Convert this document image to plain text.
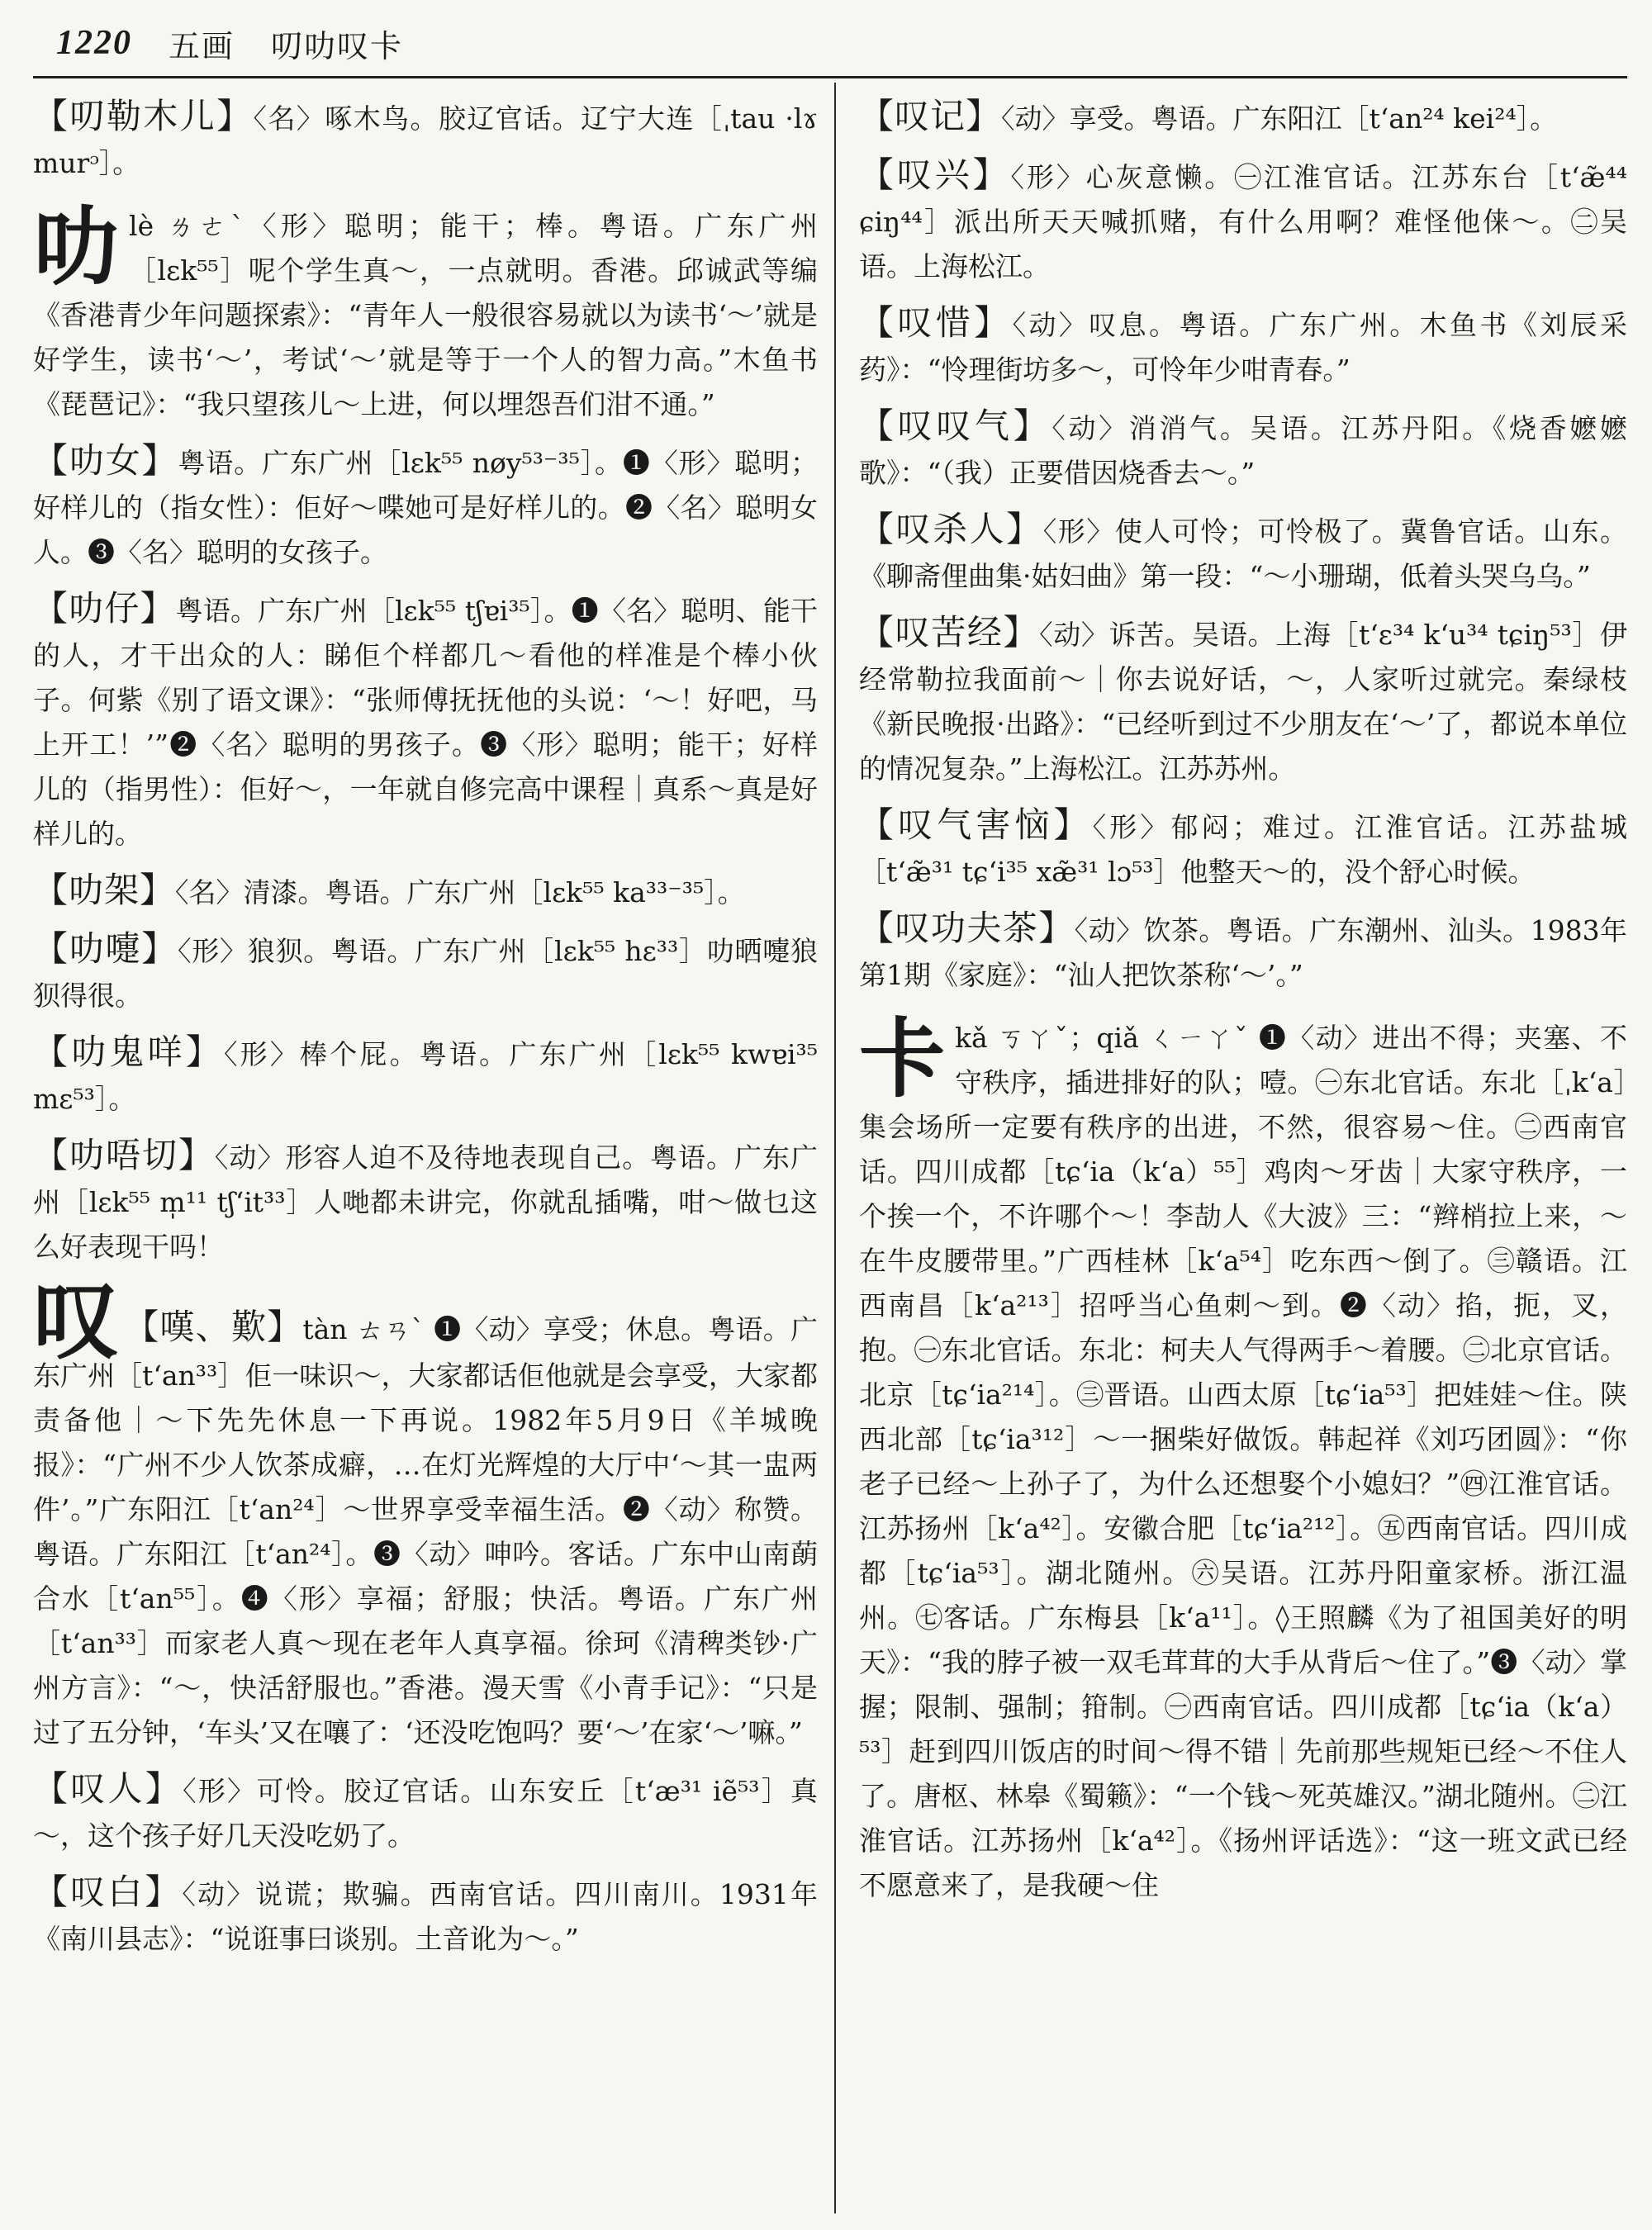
1220 五画 叨叻叹卡
【叨勒木儿】〈名〉啄木鸟。胶辽官话。辽宁大连［ˌtau ·lɤ murᵓ］。
叻lè ㄌㄜˋ〈形〉聪明；能干；棒。粤语。广东广州［lɛk⁵⁵］呢个学生真～，一点就明。香港。邱诚武等编《香港青少年问题探索》：“青年人一般很容易就以为读书‘～’就是好学生，读书‘～’，考试‘～’就是等于一个人的智力高。”木鱼书《琵琶记》：“我只望孩儿～上进，何以埋怨吾们泔不通。”
【叻女】粤语。广东广州［lɛk⁵⁵ nøy⁵³⁻³⁵］。❶〈形〉聪明；好样儿的（指女性）：佢好～喋她可是好样儿的。❷〈名〉聪明女人。❸〈名〉聪明的女孩子。
【叻仔】粤语。广东广州［lɛk⁵⁵ tʃɐi³⁵］。❶〈名〉聪明、能干的人，才干出众的人：睇佢个样都几～看他的样准是个棒小伙子。何紫《别了语文课》：“张师傅抚抚他的头说：‘～！好吧，马上开工！’”❷〈名〉聪明的男孩子。❸〈形〉聪明；能干；好样儿的（指男性）：佢好～，一年就自修完高中课程｜真系～真是好样儿的。
【叻架】〈名〉清漆。粤语。广东广州［lɛk⁵⁵ ka³³⁻³⁵］。
【叻嚏】〈形〉狼狈。粤语。广东广州［lɛk⁵⁵ hɛ³³］叻晒嚏狼狈得很。
【叻鬼咩】〈形〉棒个屁。粤语。广东广州［lɛk⁵⁵ kwɐi³⁵ mɛ⁵³］。
【叻唔切】〈动〉形容人迫不及待地表现自己。粤语。广东广州［lɛk⁵⁵ m̩¹¹ tʃ‘it³³］人哋都未讲完，你就乱插嘴，咁～做乜这么好表现干吗！
叹 【嘆、歎】tàn ㄊㄢˋ ❶〈动〉享受；休息。粤语。广东广州［t‘an³³］佢一味识～，大家都话佢他就是会享受，大家都责备他｜～下先先休息一下再说。1982年5月9日《羊城晚报》：“广州不少人饮茶成癖，…在灯光辉煌的大厅中‘～其一盅两件’。”广东阳江［t‘an²⁴］～世界享受幸福生活。❷〈动〉称赞。粤语。广东阳江［t‘an²⁴］。❸〈动〉呻吟。客话。广东中山南蓢合水［t‘an⁵⁵］。❹〈形〉享福；舒服；快活。粤语。广东广州［t‘an³³］而家老人真～现在老年人真享福。徐珂《清稗类钞·广州方言》：“～，快活舒服也。”香港。漫天雪《小青手记》：“只是过了五分钟，‘车头’又在嚷了：‘还没吃饱吗？要‘～’在家‘～’嘛。”
【叹人】〈形〉可怜。胶辽官话。山东安丘［t‘æ³¹ iẽ⁵³］真～，这个孩子好几天没吃奶了。
【叹白】〈动〉说谎；欺骗。西南官话。四川南川。1931年《南川县志》：“说诳事曰谈别。土音讹为～。”
【叹记】〈动〉享受。粤语。广东阳江［t‘an²⁴ kei²⁴］。
【叹兴】〈形〉心灰意懒。㊀江淮官话。江苏东台［t‘æ̃⁴⁴ ɕiŋ⁴⁴］派出所天天喊抓赌，有什么用啊？难怪他俫～。㊁吴语。上海松江。
【叹惜】〈动〉叹息。粤语。广东广州。木鱼书《刘辰采药》：“怜理街坊多～，可怜年少咁青春。”
【叹叹气】〈动〉消消气。吴语。江苏丹阳。《烧香嬷嬷歌》：“（我）正要借因烧香去～。”
【叹杀人】〈形〉使人可怜；可怜极了。冀鲁官话。山东。《聊斋俚曲集·姑妇曲》第一段：“～小珊瑚，低着头哭乌乌。”
【叹苦经】〈动〉诉苦。吴语。上海［t‘ɛ³⁴ k‘u³⁴ tɕiŋ⁵³］伊经常勒拉我面前～｜你去说好话，～，人家听过就完。秦绿枝《新民晚报·出路》：“已经听到过不少朋友在‘～’了，都说本单位的情况复杂。”上海松江。江苏苏州。
【叹气害恼】〈形〉郁闷；难过。江淮官话。江苏盐城［t‘æ̃³¹ tɕ‘i³⁵ xæ̃³¹ lɔ⁵³］他整天～的，没个舒心时候。
【叹功夫茶】〈动〉饮茶。粤语。广东潮州、汕头。1983年第1期《家庭》：“汕人把饮茶称‘～’。”
卡kǎ ㄎㄚˇ；qiǎ ㄑㄧㄚˇ ❶〈动〉进出不得；夹塞、不守秩序，插进排好的队；噎。㊀东北官话。东北［ˌk‘a］集会场所一定要有秩序的出进，不然，很容易～住。㊁西南官话。四川成都［tɕ‘ia（k‘a）⁵⁵］鸡肉～牙齿｜大家守秩序，一个挨一个，不许哪个～！李劼人《大波》三：“辫梢拉上来，～在牛皮腰带里。”广西桂林［k‘a⁵⁴］吃东西～倒了。㊂赣语。江西南昌［k‘a²¹³］招呼当心鱼刺～到。❷〈动〉掐，扼，叉，抱。㊀东北官话。东北：柯夫人气得两手～着腰。㊁北京官话。北京［tɕ‘ia²¹⁴］。㊂晋语。山西太原［tɕ‘ia⁵³］把娃娃～住。陕西北部［tɕ‘ia³¹²］～一捆柴好做饭。韩起祥《刘巧团圆》：“你老子已经～上孙子了，为什么还想娶个小媳妇？”㊃江淮官话。江苏扬州［k‘a⁴²］。安徽合肥［tɕ‘ia²¹²］。㊄西南官话。四川成都［tɕ‘ia⁵³］。湖北随州。㊅吴语。江苏丹阳童家桥。浙江温州。㊆客话。广东梅县［k‘a¹¹］。◊王照麟《为了祖国美好的明天》：“我的脖子被一双毛茸茸的大手从背后～住了。”❸〈动〉掌握；限制、强制；箝制。㊀西南官话。四川成都［tɕ‘ia（k‘a）⁵³］赶到四川饭店的时间～得不错｜先前那些规矩已经～不住人了。唐枢、林皋《蜀籁》：“一个钱～死英雄汉。”湖北随州。㊁江淮官话。江苏扬州［k‘a⁴²］。《扬州评话选》：“这一班文武已经不愿意来了，是我硬～住
